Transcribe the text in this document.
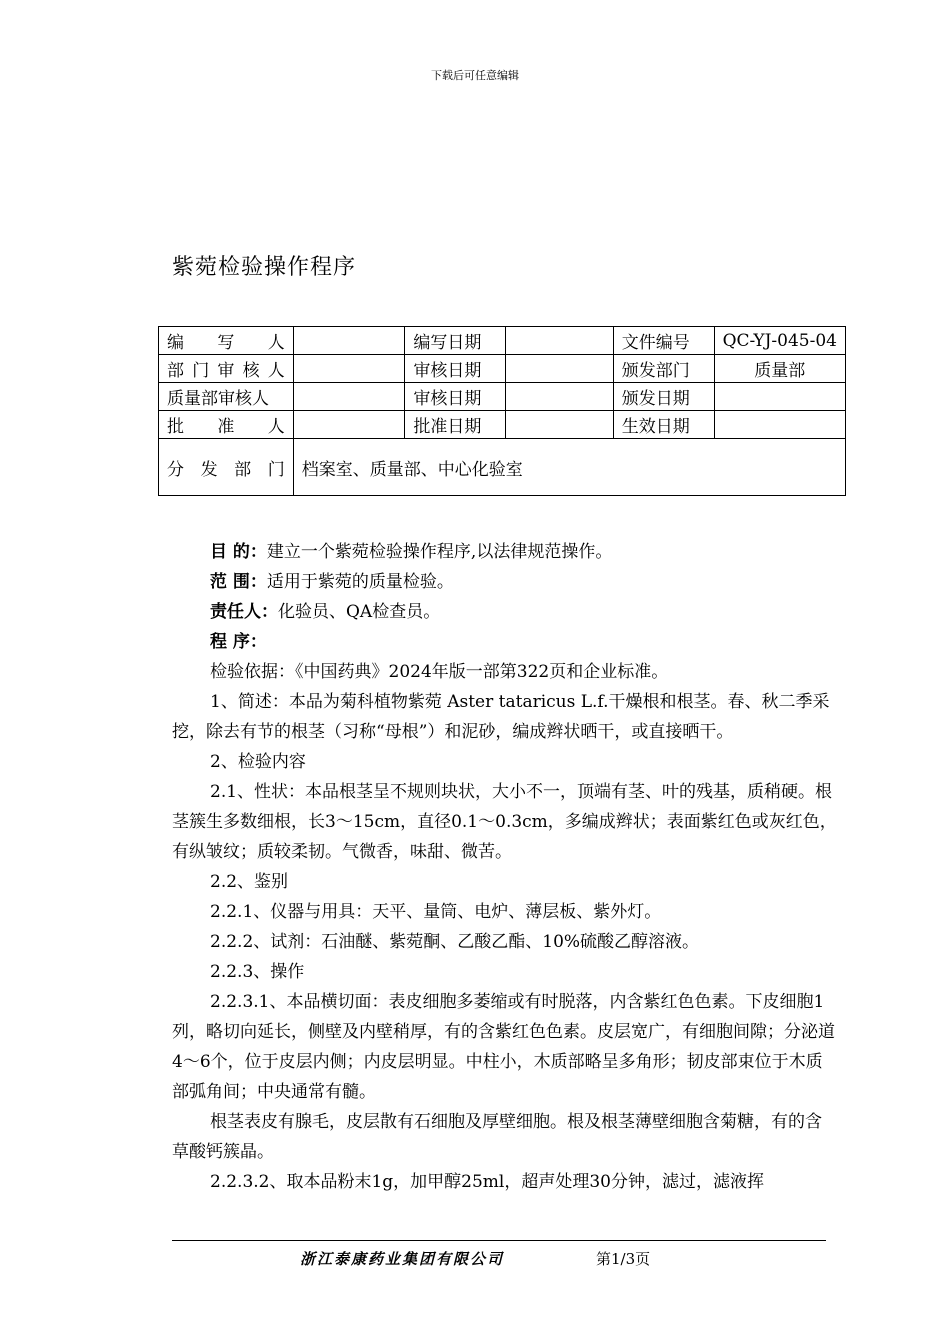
下载后可任意编辑
紫菀检验操作程序
编 写 人		编写日期		文件编号	QC-YJ-045-04

部 门 审 核 人		审核日期		颁发部门	质量部
质量部审核人		审核日期		颁发日期	

批 准 人		批准日期		生效日期	

分 发 部 门	档案室、质量部、中心化验室				

目 的：建立一个紫菀检验操作程序,以法律规范操作。

范 围：适用于紫菀的质量检验。

责任人：化验员、QA检查员。

程 序：

检验依据：《中国药典》2024年版一部第322页和企业标准。

1、简述：本品为菊科植物紫菀 Aster tataricus L.f.干燥根和根茎。春、秋二季采挖，除去有节的根茎（习称“母根”）和泥砂，编成辫状晒干，或直接晒干。

2、检验内容

2.1、性状：本品根茎呈不规则块状，大小不一，顶端有茎、叶的残基，质稍硬。根茎簇生多数细根，长3～15cm，直径0.1～0.3cm，多编成辫状；表面紫红色或灰红色，有纵皱纹；质较柔韧。气微香，味甜、微苦。

2.2、鉴别

2.2.1、仪器与用具：天平、量筒、电炉、薄层板、紫外灯。

2.2.2、试剂：石油醚、紫菀酮、乙酸乙酯、10%硫酸乙醇溶液。

2.2.3、操作

2.2.3.1、本品横切面：表皮细胞多萎缩或有时脱落，内含紫红色色素。下皮细胞1列，略切向延长，侧壁及内壁稍厚，有的含紫红色色素。皮层宽广，有细胞间隙；分泌道4～6个，位于皮层内侧；内皮层明显。中柱小，木质部略呈多角形；韧皮部束位于木质部弧角间；中央通常有髓。

根茎表皮有腺毛，皮层散有石细胞及厚壁细胞。根及根茎薄壁细胞含菊糖，有的含草酸钙簇晶。

2.2.3.2、取本品粉末1g，加甲醇25ml，超声处理30分钟，滤过，滤液挥

浙江泰康药业集团有限公司	第1/3页
